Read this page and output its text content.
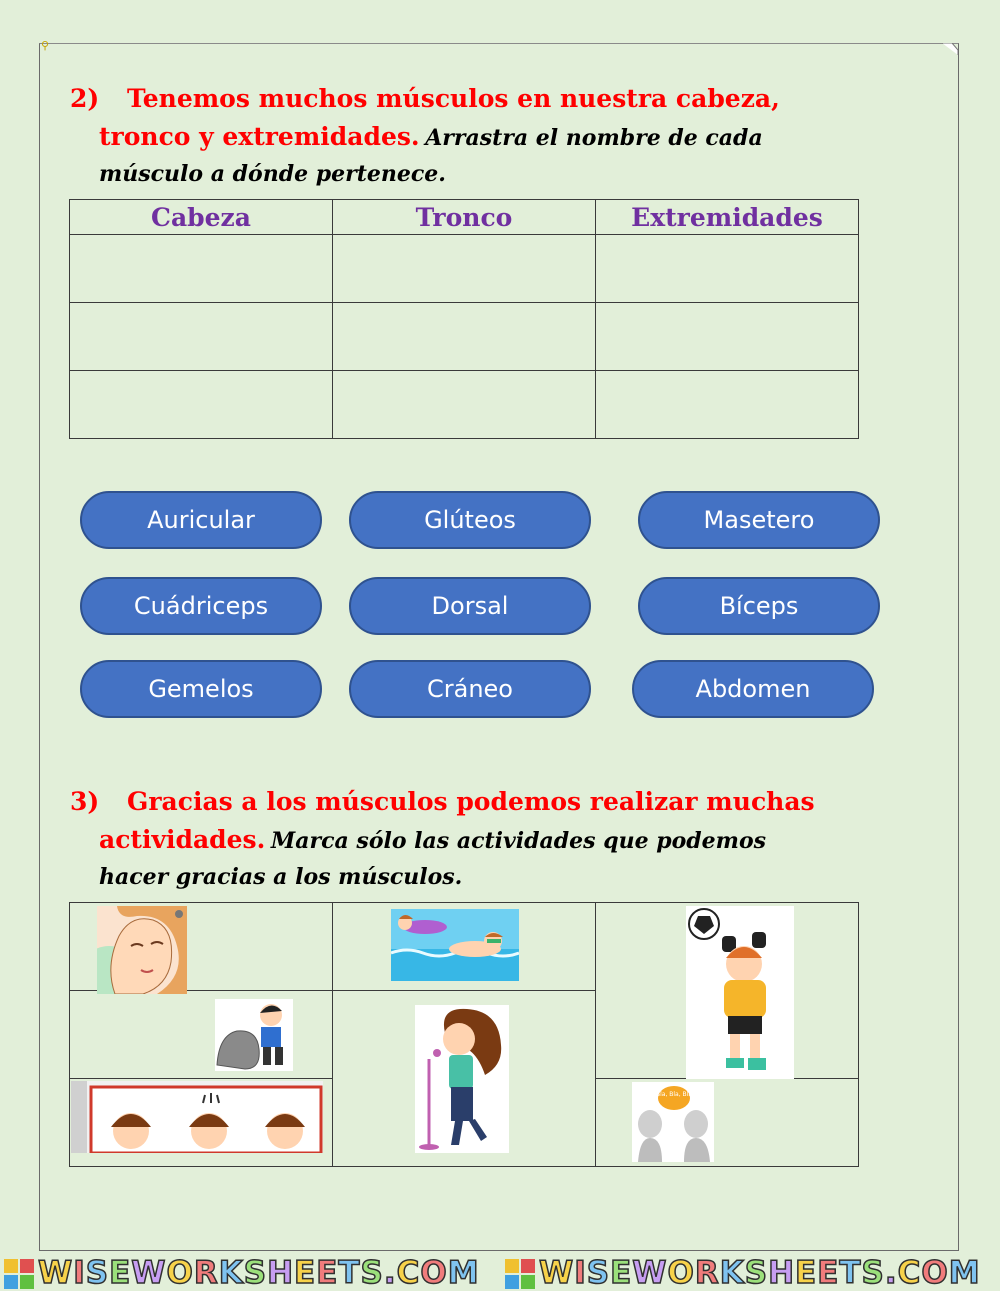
⚲
2) Tenemos muchos músculos en nuestra cabeza,
tronco y extremidades. Arrastra el nombre de cada
músculo a dónde pertenece.
Cabeza	Tronco	Extremidades

Auricular	Glúteos	Masetero
Cuádriceps	Dorsal	Bíceps
Gemelos	Cráneo	Abdomen
3) Gracias a los músculos podemos realizar muchas
actividades. Marca sólo las actividades que podemos
hacer gracias a los músculos.

Bla, Bla, Bla
WISEWORKSHEETS.COM WISEWORKSHEETS.COM
